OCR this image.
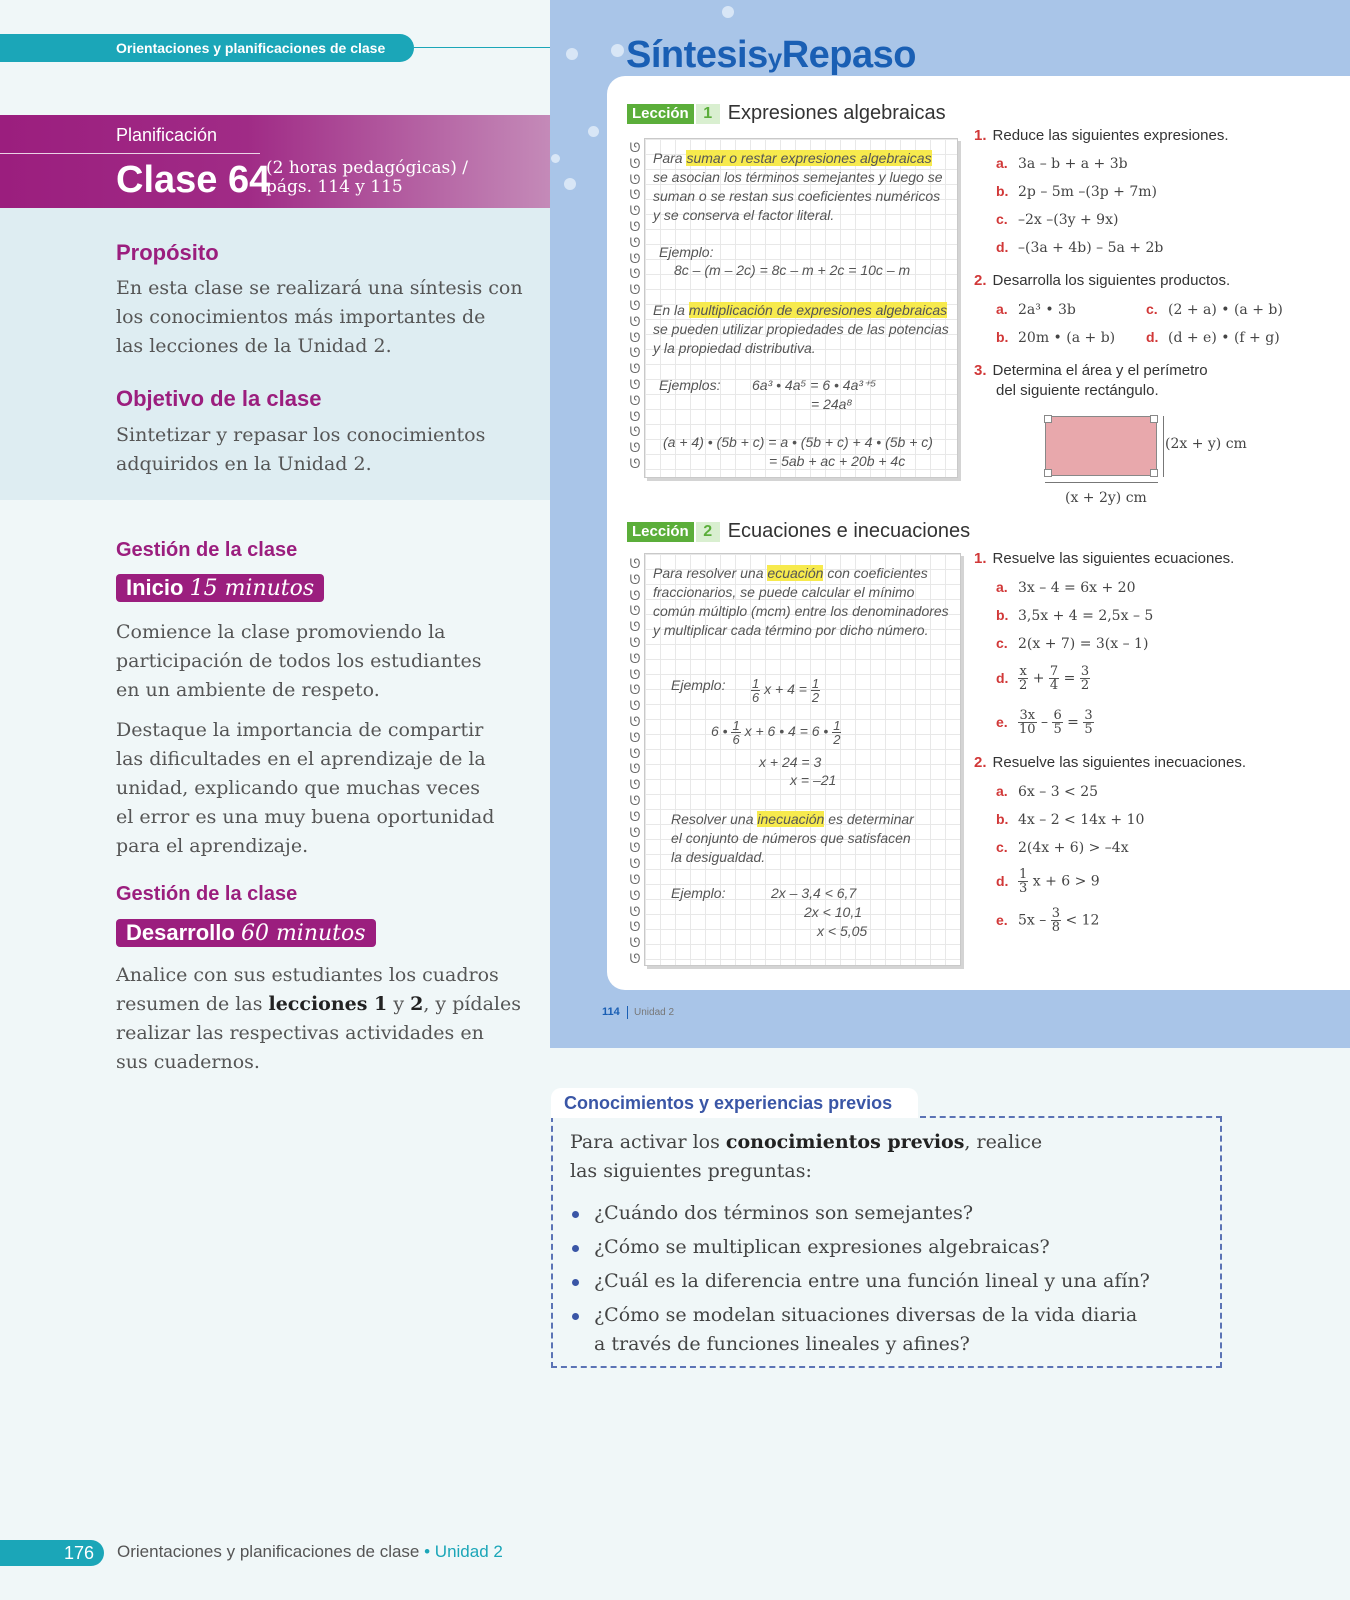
Orientaciones y planificaciones de clase
Planificación
Clase 64
(2 horas pedagógicas) /
págs. 114 y 115
Propósito
En esta clase se realizará una síntesis con
los conocimientos más importantes de
las lecciones de la Unidad 2.
Objetivo de la clase
Sintetizar y repasar los conocimientos
adquiridos en la Unidad 2.
Gestión de la clase
Inicio 15 minutos
Comience la clase promoviendo la
participación de todos los estudiantes
en un ambiente de respeto.
Destaque la importancia de compartir
las dificultades en el aprendizaje de la
unidad, explicando que muchas veces
el error es una muy buena oportunidad
para el aprendizaje.
Gestión de la clase
Desarrollo 60 minutos
Analice con sus estudiantes los cuadros
resumen de las lecciones 1 y 2, y pídales
realizar las respectivas actividades en
sus cuadernos.
SíntesisyRepaso
Lección 1 Expresiones algebraicas
ᘎ
ᘎ
ᘎ
ᘎ
ᘎ
ᘎ
ᘎ
ᘎ
ᘎ
ᘎ
ᘎ
ᘎ
ᘎ
ᘎ
ᘎ
ᘎ
ᘎ
ᘎ
ᘎ
ᘎ
ᘎ
Para sumar o restar expresiones algebraicas
se asocian los términos semejantes y luego se
suman o se restan sus coeficientes numéricos
y se conserva el factor literal.
Ejemplo:
8c – (m – 2c) = 8c – m + 2c = 10c – m
En la multiplicación de expresiones algebraicas
se pueden utilizar propiedades de las potencias
y la propiedad distributiva.
Ejemplos: 6a³ • 4a⁵ = 6 • 4a³⁺⁵
= 24a⁸
(a + 4) • (5b + c) = a • (5b + c) + 4 • (5b + c)
= 5ab + ac + 20b + 4c
1. Reduce las siguientes expresiones.
a. 3a – b + a + 3b
b. 2p – 5m –(3p + 7m)
c. –2x –(3y + 9x)
d. –(3a + 4b) – 5a + 2b
2. Desarrolla los siguientes productos.
a. 2a³ • 3b
b. 20m • (a + b)
c. (2 + a) • (a + b)
d. (d + e) • (f + g)
3. Determina el área y el perímetro
del siguiente rectángulo.
(2x + y) cm
(x + 2y) cm
Lección 2 Ecuaciones e inecuaciones
ᘎ
ᘎ
ᘎ
ᘎ
ᘎ
ᘎ
ᘎ
ᘎ
ᘎ
ᘎ
ᘎ
ᘎ
ᘎ
ᘎ
ᘎ
ᘎ
ᘎ
ᘎ
ᘎ
ᘎ
ᘎ
ᘎ
ᘎ
ᘎ
ᘎ
ᘎ
Para resolver una ecuación con coeficientes
fraccionarios, se puede calcular el mínimo
común múltiplo (mcm) entre los denominadores
y multiplicar cada término por dicho número.
Ejemplo: $\frac{1}{6}$ $x + 4 = \frac{1}{2}$
6 • $\frac{1}{6}$ x + 6 • 4 = 6 • $\frac{1}{2}$
x + 24 = 3
x = –21
Resolver una inecuación es determinar
el conjunto de números que satisfacen
la desigualdad.
Ejemplo:	2x – 3,4 < 6,7
2x < 10,1
x < 5,05
1. Resuelve las siguientes ecuaciones.
a. 3x – 4 = 6x + 20
b. 3,5x + 4 = 2,5x – 5
c. 2(x + 7) = 3(x – 1)
d. $\frac{x}{2} + \frac{7}{4} = \frac{3}{2}$
e. $\frac{3x}{10} - \frac{6}{5} = \frac{3}{5}$
2. Resuelve las siguientes inecuaciones.
a. 6x – 3 < 25
b. 4x – 2 < 14x + 10
c. 2(4x + 6) > –4x
d. $\frac{1}{3}$ x + 6 > 9
e. $5x - \frac{3}{8} < 12$
114 Unidad 2
Conocimientos y experiencias previos
Para activar los conocimientos previos, realice
las siguientes preguntas:
¿Cuándo dos términos son semejantes?
¿Cómo se multiplican expresiones algebraicas?
¿Cuál es la diferencia entre una función lineal y una afín?
¿Cómo se modelan situaciones diversas de la vida diaria
a través de funciones lineales y afines?
176	Orientaciones y planificaciones de clase • Unidad 2
